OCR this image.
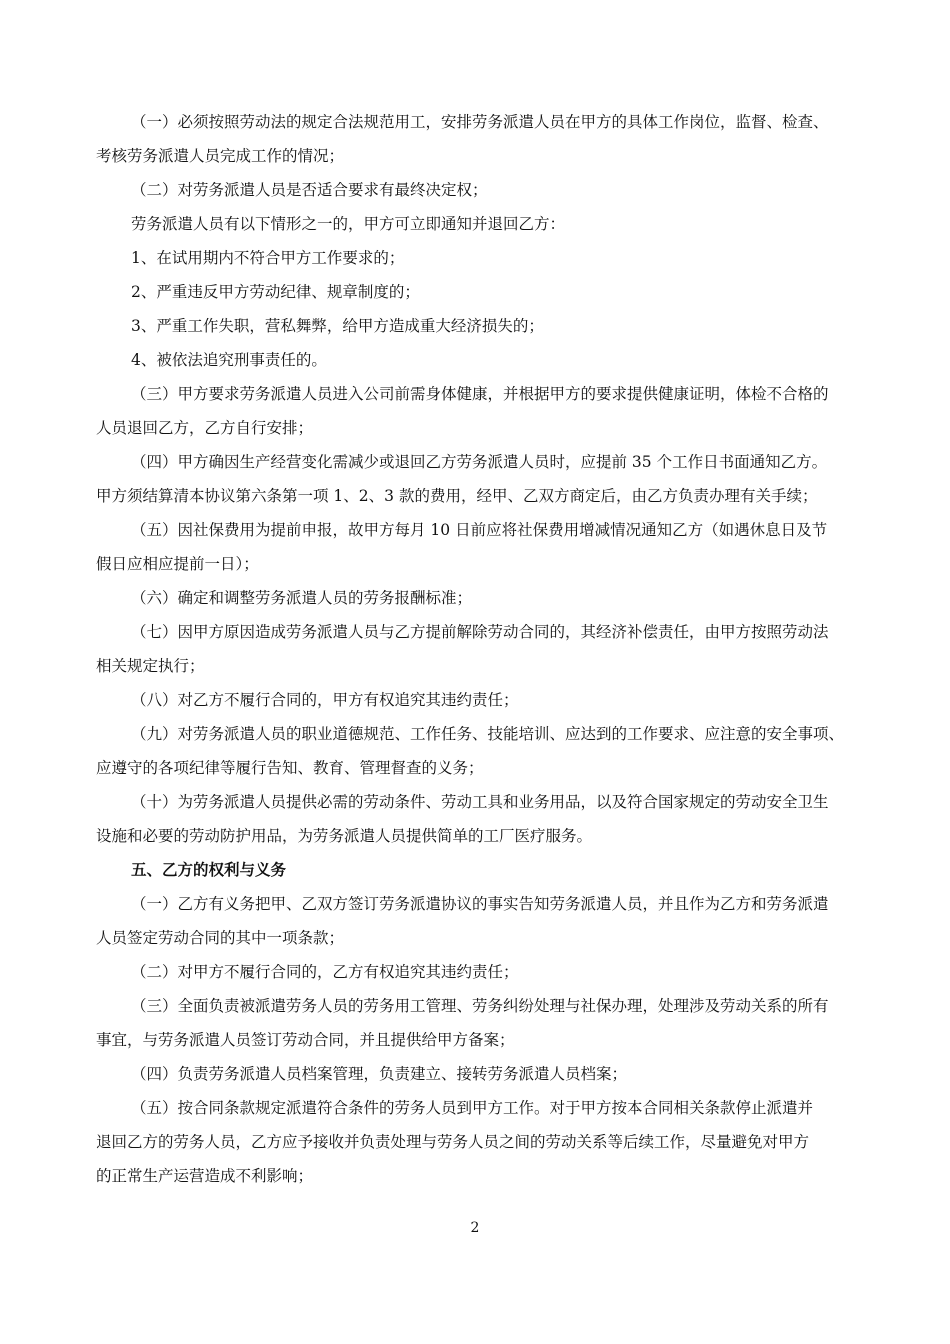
（一）必须按照劳动法的规定合法规范用工，安排劳务派遣人员在甲方的具体工作岗位，监督、检查、

考核劳务派遣人员完成工作的情况；

（二）对劳务派遣人员是否适合要求有最终决定权；

劳务派遣人员有以下情形之一的，甲方可立即通知并退回乙方：

1、在试用期内不符合甲方工作要求的；

2、严重违反甲方劳动纪律、规章制度的；

3、严重工作失职，营私舞弊，给甲方造成重大经济损失的；

4、被依法追究刑事责任的。

（三）甲方要求劳务派遣人员进入公司前需身体健康，并根据甲方的要求提供健康证明，体检不合格的

人员退回乙方，乙方自行安排；

（四）甲方确因生产经营变化需减少或退回乙方劳务派遣人员时，应提前 35 个工作日书面通知乙方。

甲方须结算清本协议第六条第一项 1、2、3 款的费用，经甲、乙双方商定后，由乙方负责办理有关手续；

（五）因社保费用为提前申报，故甲方每月 10 日前应将社保费用增减情况通知乙方（如遇休息日及节

假日应相应提前一日）；

（六）确定和调整劳务派遣人员的劳务报酬标准；

（七）因甲方原因造成劳务派遣人员与乙方提前解除劳动合同的，其经济补偿责任，由甲方按照劳动法

相关规定执行；

（八）对乙方不履行合同的，甲方有权追究其违约责任；

（九）对劳务派遣人员的职业道德规范、工作任务、技能培训、应达到的工作要求、应注意的安全事项、

应遵守的各项纪律等履行告知、教育、管理督查的义务；

（十）为劳务派遣人员提供必需的劳动条件、劳动工具和业务用品，以及符合国家规定的劳动安全卫生

设施和必要的劳动防护用品，为劳务派遣人员提供简单的工厂医疗服务。

五、乙方的权利与义务

（一）乙方有义务把甲、乙双方签订劳务派遣协议的事实告知劳务派遣人员，并且作为乙方和劳务派遣

人员签定劳动合同的其中一项条款；

（二）对甲方不履行合同的，乙方有权追究其违约责任；

（三）全面负责被派遣劳务人员的劳务用工管理、劳务纠纷处理与社保办理，处理涉及劳动关系的所有

事宜，与劳务派遣人员签订劳动合同，并且提供给甲方备案；

（四）负责劳务派遣人员档案管理，负责建立、接转劳务派遣人员档案；

（五）按合同条款规定派遣符合条件的劳务人员到甲方工作。对于甲方按本合同相关条款停止派遣并

退回乙方的劳务人员，乙方应予接收并负责处理与劳务人员之间的劳动关系等后续工作，尽量避免对甲方

的正常生产运营造成不利影响；

2
